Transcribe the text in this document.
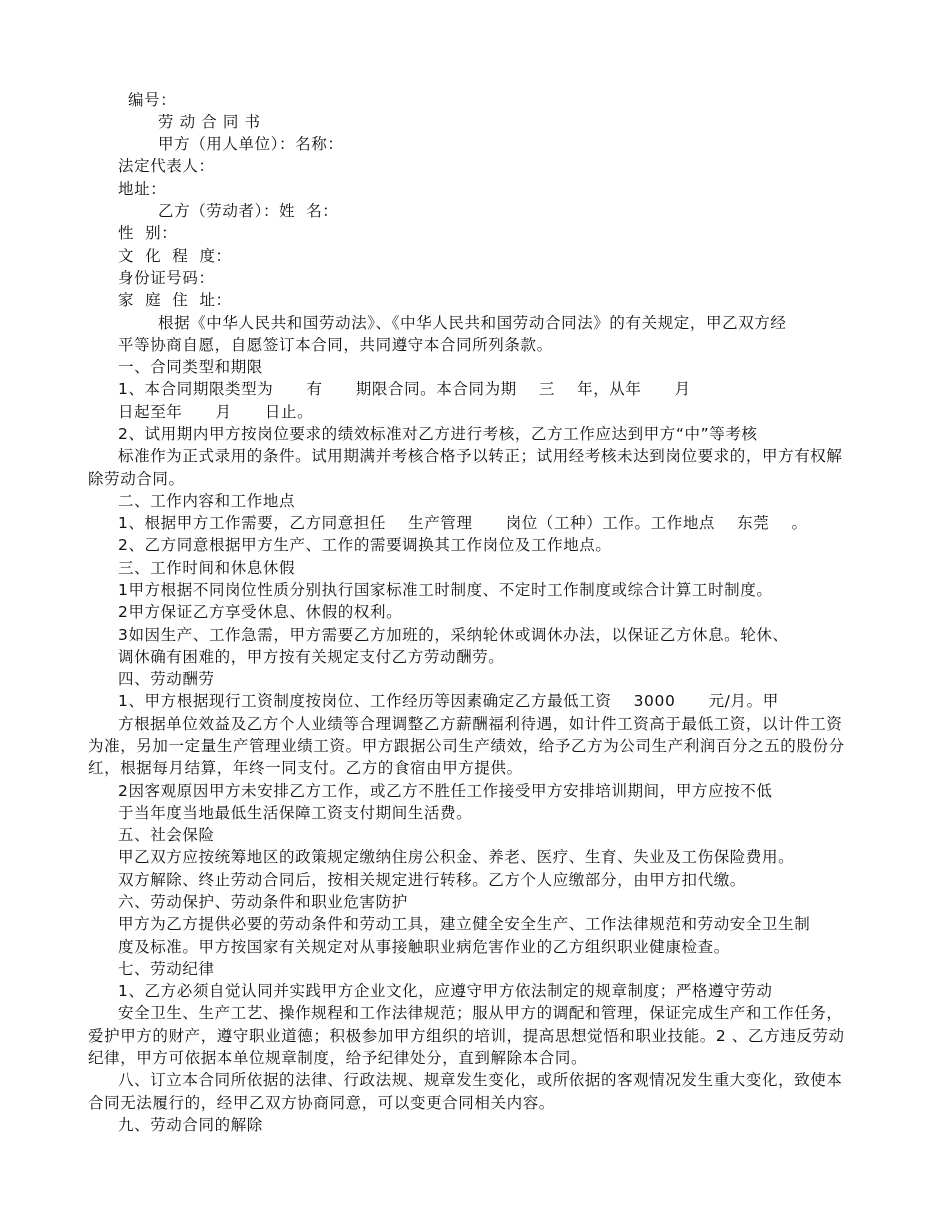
编号：
劳 动 合 同 书
甲方（用人单位）：名称：
法定代表人：
地址：
乙方（劳动者）：姓  名：
性  别：
文  化  程  度：
身份证号码：
家  庭  住  址：
根据《中华人民共和国劳动法》、《中华人民共和国劳动合同法》的有关规定，甲乙双方经
平等协商自愿，自愿签订本合同，共同遵守本合同所列条款。
一、合同类型和期限
1、本合同期限类型为      有      期限合同。本合同为期    三    年，从年      月
日起至年      月      日止。
2、试用期内甲方按岗位要求的绩效标准对乙方进行考核，乙方工作应达到甲方“中”等考核
标准作为正式录用的条件。试用期满并考核合格予以转正；试用经考核未达到岗位要求的，甲方有权解
除劳动合同。
二、工作内容和工作地点
1、根据甲方工作需要，乙方同意担任    生产管理      岗位（工种）工作。工作地点    东莞    。
2、乙方同意根据甲方生产、工作的需要调换其工作岗位及工作地点。
三、工作时间和休息休假
1甲方根据不同岗位性质分别执行国家标准工时制度、不定时工作制度或综合计算工时制度。
2甲方保证乙方享受休息、休假的权利。
3如因生产、工作急需，甲方需要乙方加班的，采纳轮休或调休办法，以保证乙方休息。轮休、
调休确有困难的，甲方按有关规定支付乙方劳动酬劳。
四、劳动酬劳
1、甲方根据现行工资制度按岗位、工作经历等因素确定乙方最低工资    3000      元/月。甲
方根据单位效益及乙方个人业绩等合理调整乙方薪酬福利待遇，如计件工资高于最低工资，以计件工资
为准，另加一定量生产管理业绩工资。甲方跟据公司生产绩效，给予乙方为公司生产利润百分之五的股份分
红，根据每月结算，年终一同支付。乙方的食宿由甲方提供。
2因客观原因甲方未安排乙方工作，或乙方不胜任工作接受甲方安排培训期间，甲方应按不低
于当年度当地最低生活保障工资支付期间生活费。
五、社会保险
甲乙双方应按统筹地区的政策规定缴纳住房公积金、养老、医疗、生育、失业及工伤保险费用。
双方解除、终止劳动合同后，按相关规定进行转移。乙方个人应缴部分，由甲方扣代缴。
六、劳动保护、劳动条件和职业危害防护
甲方为乙方提供必要的劳动条件和劳动工具，建立健全安全生产、工作法律规范和劳动安全卫生制
度及标准。甲方按国家有关规定对从事接触职业病危害作业的乙方组织职业健康检查。
七、劳动纪律
1、乙方必须自觉认同并实践甲方企业文化，应遵守甲方依法制定的规章制度；严格遵守劳动
安全卫生、生产工艺、操作规程和工作法律规范；服从甲方的调配和管理，保证完成生产和工作任务，
爱护甲方的财产，遵守职业道德；积极参加甲方组织的培训，提高思想觉悟和职业技能。2 、乙方违反劳动
纪律，甲方可依据本单位规章制度，给予纪律处分，直到解除本合同。
八、订立本合同所依据的法律、行政法规、规章发生变化，或所依据的客观情况发生重大变化，致使本
合同无法履行的，经甲乙双方协商同意，可以变更合同相关内容。
九、劳动合同的解除
